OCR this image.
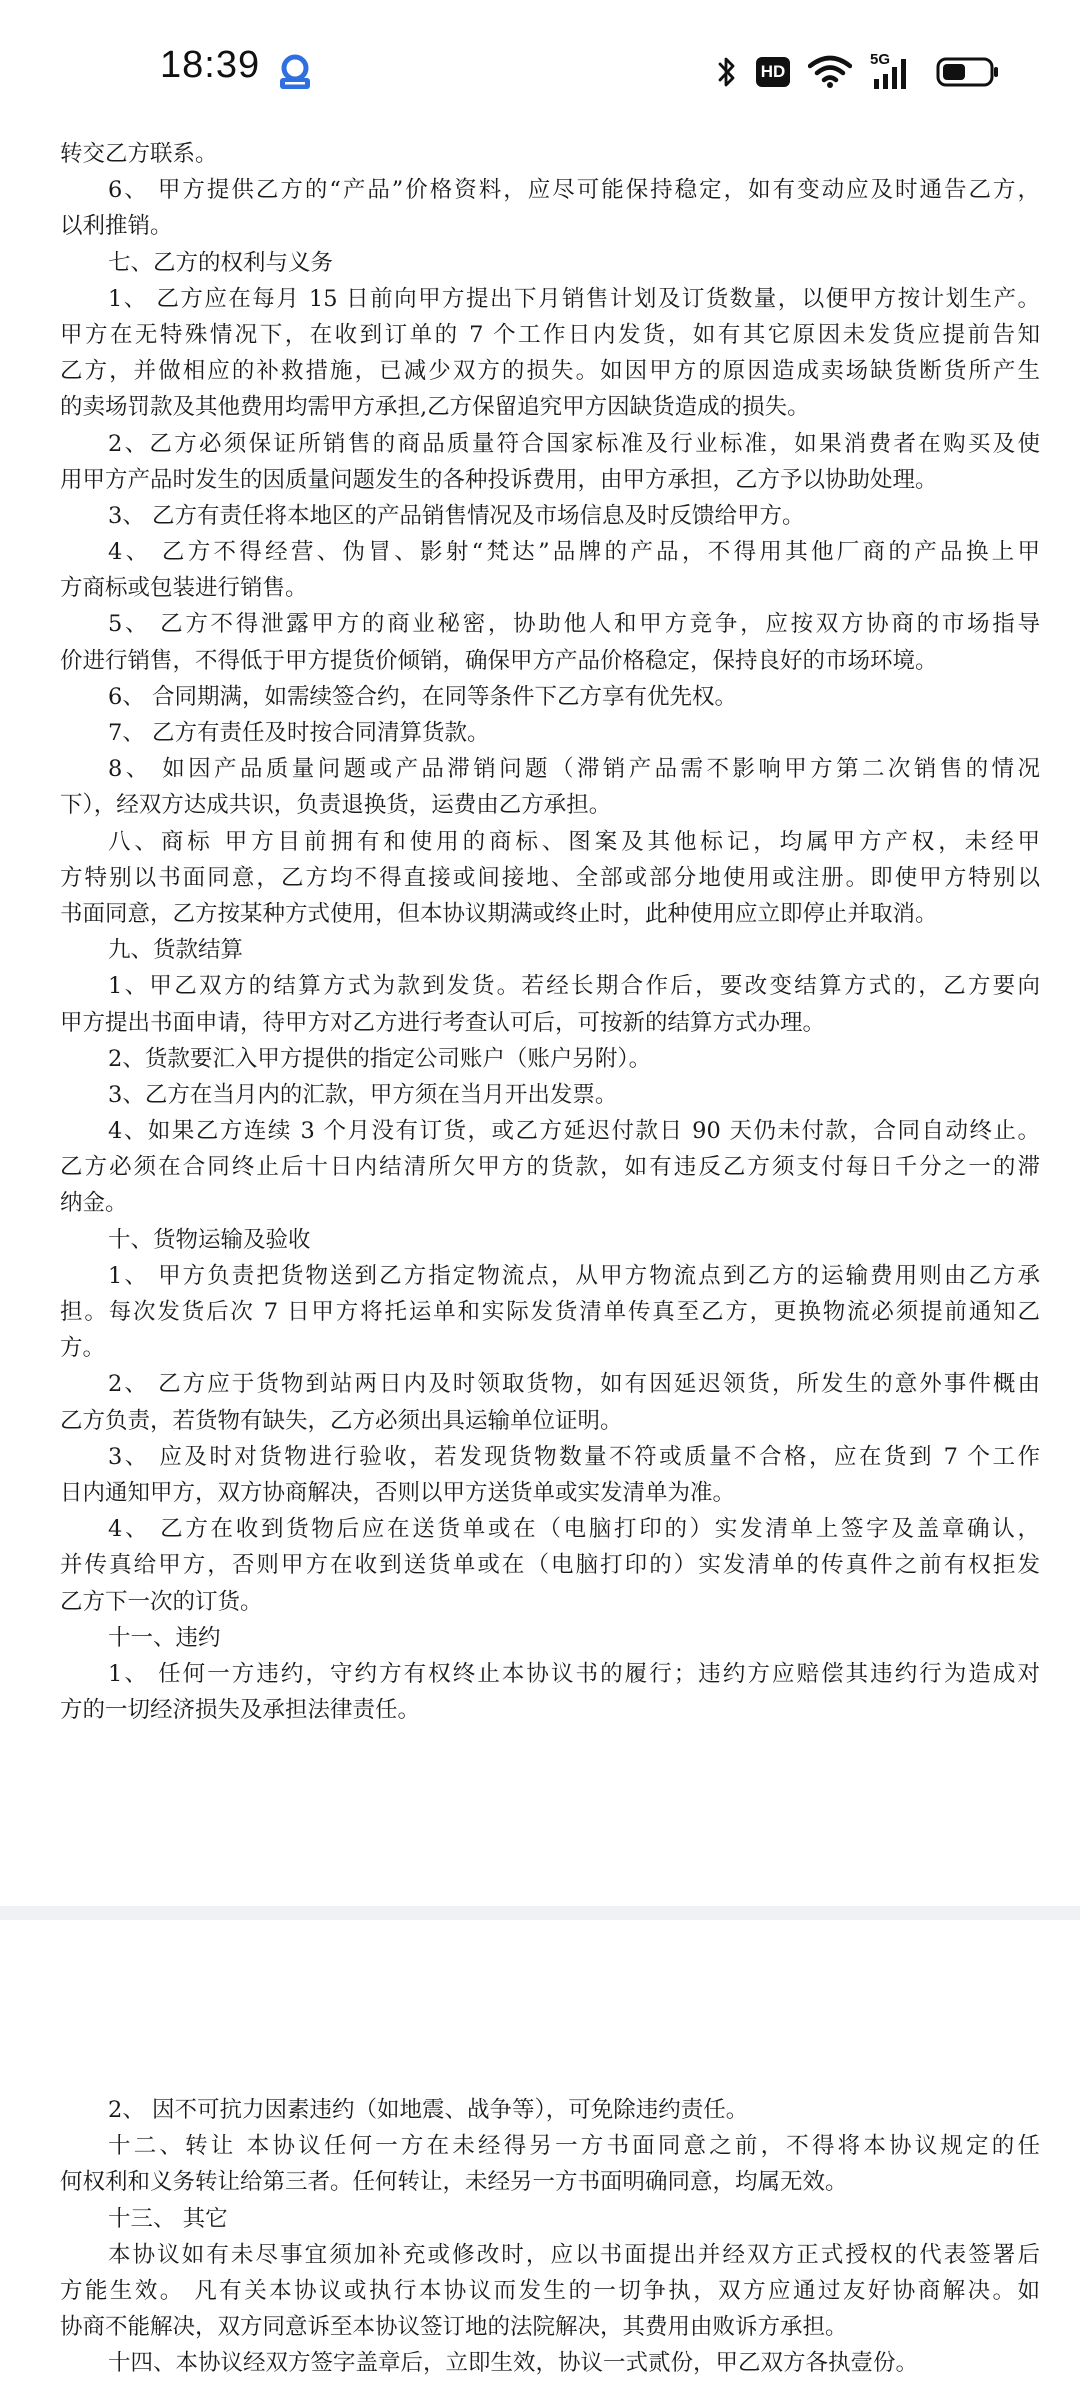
18:39	HD
5G
转交乙方联系。
6、 甲方提供乙方的“产品”价格资料，应尽可能保持稳定，如有变动应及时通告乙方，
以利推销。
七、乙方的权利与义务
1、 乙方应在每月 15 日前向甲方提出下月销售计划及订货数量，以便甲方按计划生产。
甲方在无特殊情况下，在收到订单的 7 个工作日内发货，如有其它原因未发货应提前告知
乙方，并做相应的补救措施，已减少双方的损失。如因甲方的原因造成卖场缺货断货所产生
的卖场罚款及其他费用均需甲方承担,乙方保留追究甲方因缺货造成的损失。
2、乙方必须保证所销售的商品质量符合国家标准及行业标准，如果消费者在购买及使
用甲方产品时发生的因质量问题发生的各种投诉费用，由甲方承担，乙方予以协助处理。
3、 乙方有责任将本地区的产品销售情况及市场信息及时反馈给甲方。
4、 乙方不得经营、伪冒、影射“梵达”品牌的产品，不得用其他厂商的产品换上甲
方商标或包装进行销售。
5、 乙方不得泄露甲方的商业秘密，协助他人和甲方竞争，应按双方协商的市场指导
价进行销售，不得低于甲方提货价倾销，确保甲方产品价格稳定，保持良好的市场环境。
6、 合同期满，如需续签合约，在同等条件下乙方享有优先权。
7、 乙方有责任及时按合同清算货款。
8、 如因产品质量问题或产品滞销问题（滞销产品需不影响甲方第二次销售的情况
下），经双方达成共识，负责退换货，运费由乙方承担。
八、商标 甲方目前拥有和使用的商标、图案及其他标记，均属甲方产权，未经甲
方特别以书面同意，乙方均不得直接或间接地、全部或部分地使用或注册。即使甲方特别以
书面同意，乙方按某种方式使用，但本协议期满或终止时，此种使用应立即停止并取消。
九、货款结算
1、甲乙双方的结算方式为款到发货。若经长期合作后，要改变结算方式的，乙方要向
甲方提出书面申请，待甲方对乙方进行考查认可后，可按新的结算方式办理。
2、货款要汇入甲方提供的指定公司账户（账户另附）。
3、乙方在当月内的汇款，甲方须在当月开出发票。
4、如果乙方连续 3 个月没有订货，或乙方延迟付款日 90 天仍未付款，合同自动终止。
乙方必须在合同终止后十日内结清所欠甲方的货款，如有违反乙方须支付每日千分之一的滞
纳金。
十、货物运输及验收
1、 甲方负责把货物送到乙方指定物流点，从甲方物流点到乙方的运输费用则由乙方承
担。每次发货后次 7 日甲方将托运单和实际发货清单传真至乙方，更换物流必须提前通知乙
方。
2、 乙方应于货物到站两日内及时领取货物，如有因延迟领货，所发生的意外事件概由
乙方负责，若货物有缺失，乙方必须出具运输单位证明。
3、 应及时对货物进行验收，若发现货物数量不符或质量不合格，应在货到 7 个工作
日内通知甲方，双方协商解决，否则以甲方送货单或实发清单为准。
4、 乙方在收到货物后应在送货单或在（电脑打印的）实发清单上签字及盖章确认，
并传真给甲方，否则甲方在收到送货单或在（电脑打印的）实发清单的传真件之前有权拒发
乙方下一次的订货。
十一、违约
1、 任何一方违约，守约方有权终止本协议书的履行；违约方应赔偿其违约行为造成对
方的一切经济损失及承担法律责任。
2、 因不可抗力因素违约（如地震、战争等），可免除违约责任。
十二、转让 本协议任何一方在未经得另一方书面同意之前，不得将本协议规定的任
何权利和义务转让给第三者。任何转让，未经另一方书面明确同意，均属无效。
十三、 其它
本协议如有未尽事宜须加补充或修改时，应以书面提出并经双方正式授权的代表签署后
方能生效。 凡有关本协议或执行本协议而发生的一切争执，双方应通过友好协商解决。如
协商不能解决，双方同意诉至本协议签订地的法院解决，其费用由败诉方承担。
十四、本协议经双方签字盖章后，立即生效，协议一式贰份，甲乙双方各执壹份。
